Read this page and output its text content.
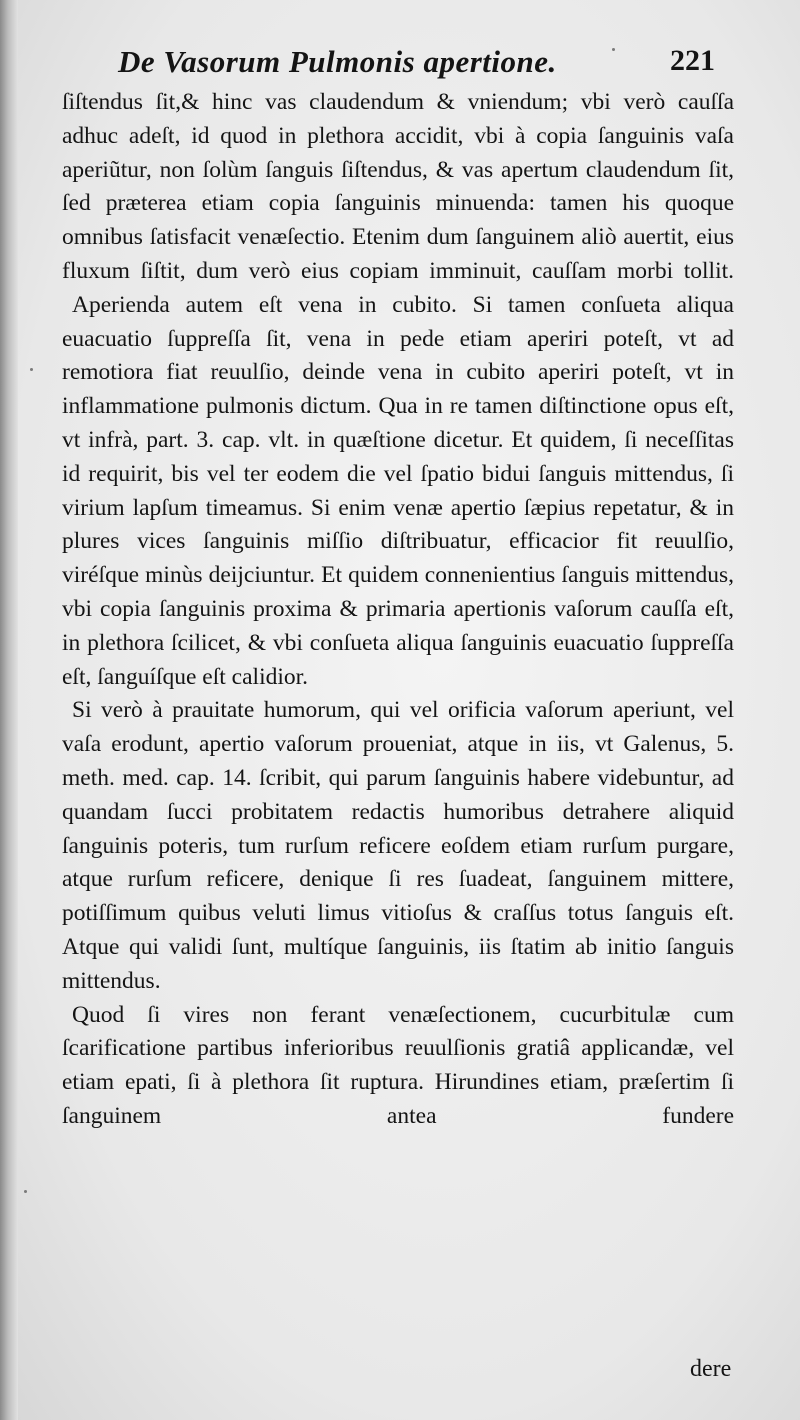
De Vasorum Pulmonis apertione.	221

ſiſtendus ſit,& hinc vas claudendum & vniendum; vbi verò cauſſa adhuc adeſt, id quod in plethora accidit, vbi à copia ſanguinis vaſa aperiũtur, non ſolùm ſanguis ſiſtendus, & vas apertum claudendum ſit, ſed præterea etiam copia ſanguinis minuenda: tamen his quoque omnibus ſatisfacit venæſectio. Etenim dum ſanguinem aliò auertit, eius fluxum ſiſtit, dum verò eius copiam imminuit, cauſſam morbi tollit.

Aperienda autem eſt vena in cubito. Si tamen conſueta aliqua euacuatio ſuppreſſa ſit, vena in pede etiam aperiri poteſt, vt ad remotiora fiat reuulſio, deinde vena in cubito aperiri poteſt, vt in inflammatione pulmonis dictum. Qua in re tamen diſtinctione opus eſt, vt infrà, part. 3. cap. vlt. in quæſtione dicetur. Et quidem, ſi neceſſitas id requirit, bis vel ter eodem die vel ſpatio bidui ſanguis mittendus, ſi virium lapſum timeamus. Si enim venæ apertio ſæpius repetatur, & in plures vices ſanguinis miſſio diſtribuatur, efficacior fit reuulſio, viréſque minùs deijciuntur. Et quidem connenientius ſanguis mittendus, vbi copia ſanguinis proxima & primaria apertionis vaſorum cauſſa eſt, in plethora ſcilicet, & vbi conſueta aliqua ſanguinis euacuatio ſuppreſſa eſt, ſanguíſque eſt calidior.

Si verò à prauitate humorum, qui vel orificia vaſorum aperiunt, vel vaſa erodunt, apertio vaſorum proueniat, atque in iis, vt Galenus, 5. meth. med. cap. 14. ſcribit, qui parum ſanguinis habere videbuntur, ad quandam ſucci probitatem redactis humoribus detrahere aliquid ſanguinis poteris, tum rurſum reficere eoſdem etiam rurſum purgare, atque rurſum reficere, denique ſi res ſuadeat, ſanguinem mittere, potiſſimum quibus veluti limus vitioſus & craſſus totus ſanguis eſt. Atque qui validi ſunt, multíque ſanguinis, iis ſtatim ab initio ſanguis mittendus.

Quod ſi vires non ferant venæſectionem, cucurbitulæ cum ſcarificatione partibus inferioribus reuulſionis gratiâ applicandæ, vel etiam epati, ſi à plethora ſit ruptura. Hirundines etiam, præſertim ſi ſanguinem antea fundere

dere
